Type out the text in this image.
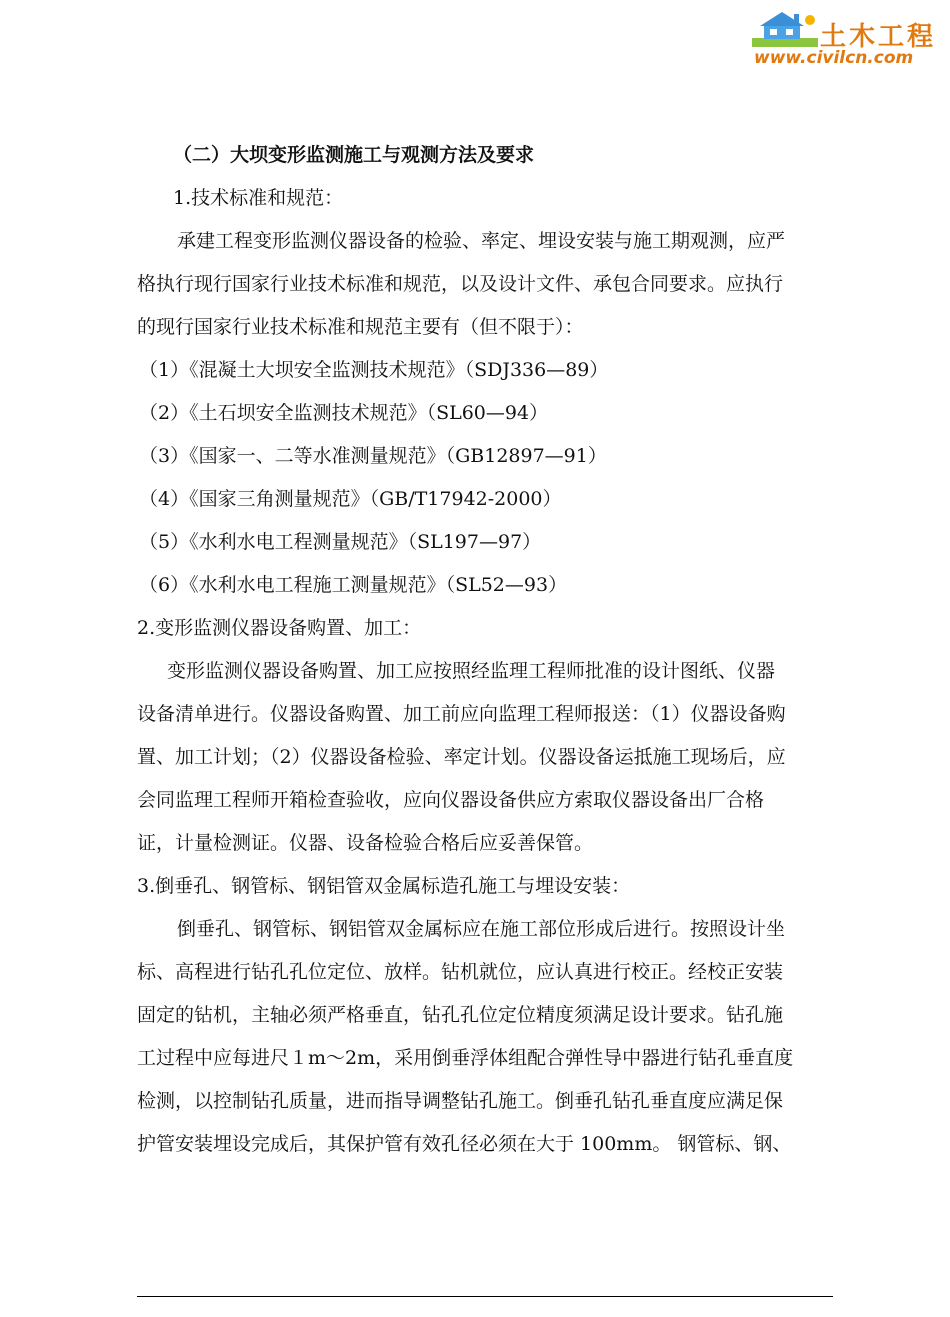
土木工程
www.civilcn.com
（二）大坝变形监测施工与观测方法及要求
1.技术标准和规范：
承建工程变形监测仪器设备的检验、率定、埋设安装与施工期观测，应严
格执行现行国家行业技术标准和规范，以及设计文件、承包合同要求。应执行
的现行国家行业技术标准和规范主要有（但不限于）：
（1）《混凝土大坝安全监测技术规范》（SDJ336—89）
（2）《土石坝安全监测技术规范》（SL60—94）
（3）《国家一、二等水准测量规范》（GB12897—91）
（4）《国家三角测量规范》（GB/T17942-2000）
（5）《水利水电工程测量规范》（SL197—97）
（6）《水利水电工程施工测量规范》（SL52—93）
2.变形监测仪器设备购置、加工：
变形监测仪器设备购置、加工应按照经监理工程师批准的设计图纸、仪器
设备清单进行。仪器设备购置、加工前应向监理工程师报送：（1）仪器设备购
置、加工计划；（2）仪器设备检验、率定计划。仪器设备运抵施工现场后，应
会同监理工程师开箱检查验收，应向仪器设备供应方索取仪器设备出厂合格
证，计量检测证。仪器、设备检验合格后应妥善保管。
3.倒垂孔、钢管标、钢铝管双金属标造孔施工与埋设安装：
倒垂孔、钢管标、钢铝管双金属标应在施工部位形成后进行。按照设计坐
标、高程进行钻孔孔位定位、放样。钻机就位，应认真进行校正。经校正安装
固定的钻机，主轴必须严格垂直，钻孔孔位定位精度须满足设计要求。钻孔施
工过程中应每进尺１m～2m，采用倒垂浮体组配合弹性导中器进行钻孔垂直度
检测，以控制钻孔质量，进而指导调整钻孔施工。倒垂孔钻孔垂直度应满足保
护管安装埋设完成后，其保护管有效孔径必须在大于 100mm。 钢管标、钢、
